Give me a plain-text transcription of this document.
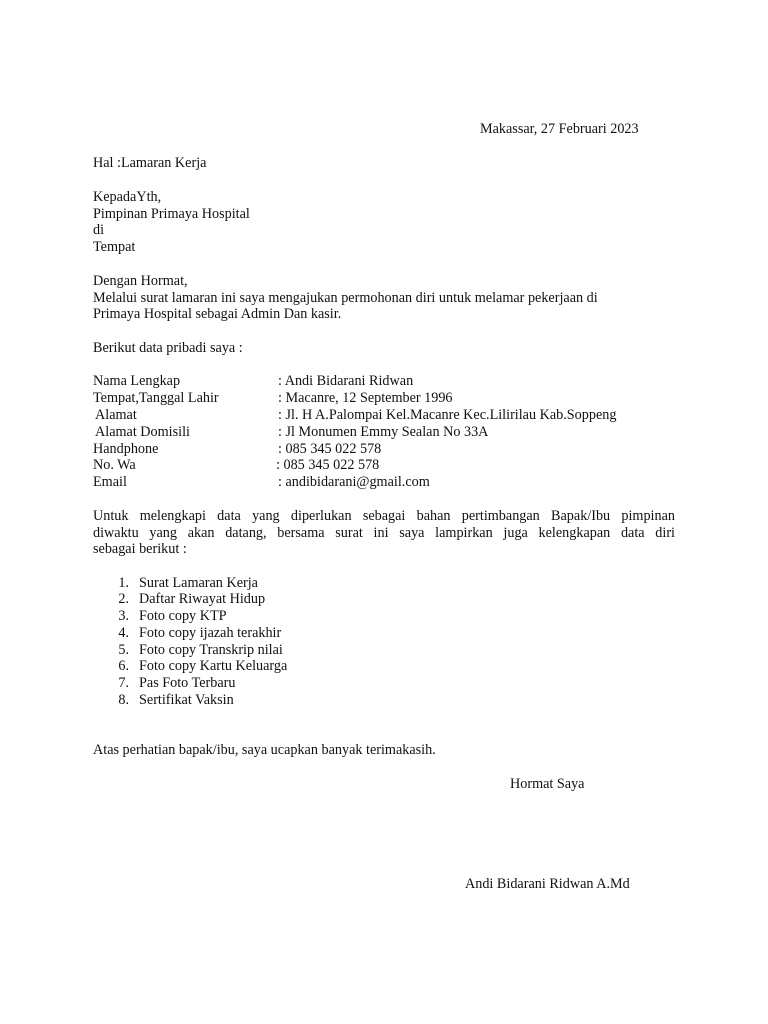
Makassar, 27 Februari 2023
Hal :Lamaran Kerja
KepadaYth,
Pimpinan Primaya Hospital
di
Tempat
Dengan Hormat,
Melalui surat lamaran ini saya mengajukan permohonan diri untuk melamar pekerjaan di
Primaya Hospital sebagai Admin Dan kasir.
Berikut data pribadi saya :
Nama Lengkap	: Andi Bidarani Ridwan
Tempat,Tanggal Lahir	: Macanre, 12 September 1996
Alamat	: Jl. H A.Palompai Kel.Macanre Kec.Lilirilau Kab.Soppeng
Alamat Domisili	: Jl Monumen Emmy Sealan No 33A
Handphone	: 085 345 022 578
No. Wa	: 085 345 022 578
Email	: andibidarani@gmail.com
Untuk melengkapi data yang diperlukan sebagai bahan pertimbangan Bapak/Ibu pimpinan
diwaktu yang akan datang, bersama surat ini saya lampirkan juga kelengkapan data diri
sebagai berikut :
1. Surat Lamaran Kerja
2. Daftar Riwayat Hidup
3. Foto copy KTP
4. Foto copy ijazah terakhir
5. Foto copy Transkrip nilai
6. Foto copy Kartu Keluarga
7. Pas Foto Terbaru
8. Sertifikat Vaksin
Atas perhatian bapak/ibu, saya ucapkan banyak terimakasih.
Hormat Saya
Andi Bidarani Ridwan A.Md
